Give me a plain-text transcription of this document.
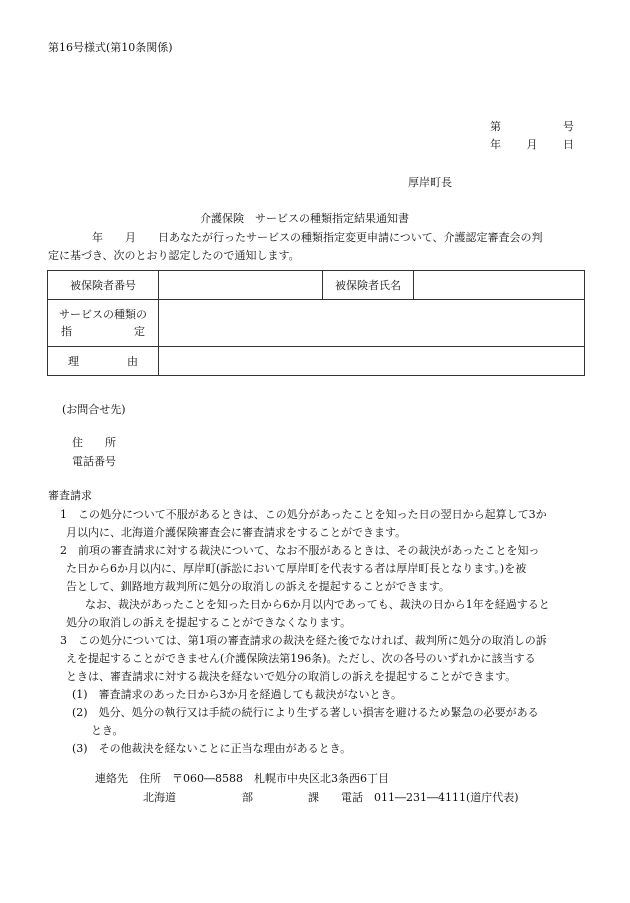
第16号様式(第10条関係)
第	号
年 月 日
厚岸町長
介護保険　サービスの種類指定結果通知書
　　　　年　　月　　日あなたが行ったサービスの種類指定変更申請について、介護認定審査会の判
定に基づき、次のとおり認定したので通知します。
被保険者番号		被保険者氏名	

サービスの種類の
指 定			

理 由			

(お問合せ先)
住　　所
電話番号
審査請求
1　この処分について不服があるときは、この処分があったことを知った日の翌日から起算して3か
月以内に、北海道介護保険審査会に審査請求をすることができます。
2　前項の審査請求に対する裁決について、なお不服があるときは、その裁決があったことを知っ
た日から6か月以内に、厚岸町(訴訟において厚岸町を代表する者は厚岸町長となります。)を被
告として、釧路地方裁判所に処分の取消しの訴えを提起することができます。
なお、裁決があったことを知った日から6か月以内であっても、裁決の日から1年を経過すると
処分の取消しの訴えを提起することができなくなります。
3　この処分については、第1項の審査請求の裁決を経た後でなければ、裁判所に処分の取消しの訴
えを提起することができません(介護保険法第196条)。ただし、次の各号のいずれかに該当する
ときは、審査請求に対する裁決を経ないで処分の取消しの訴えを提起することができます。
(1)　審査請求のあった日から3か月を経過しても裁決がないとき。
(2)　処分、処分の執行又は手続の続行により生ずる著しい損害を避けるため緊急の必要がある
とき。
(3)　その他裁決を経ないことに正当な理由があるとき。
連絡先　住所　〒060―8588　札幌市中央区北3条西6丁目
北海道　　　　　　部　　　　　課　　電話　011―231―4111(道庁代表)
